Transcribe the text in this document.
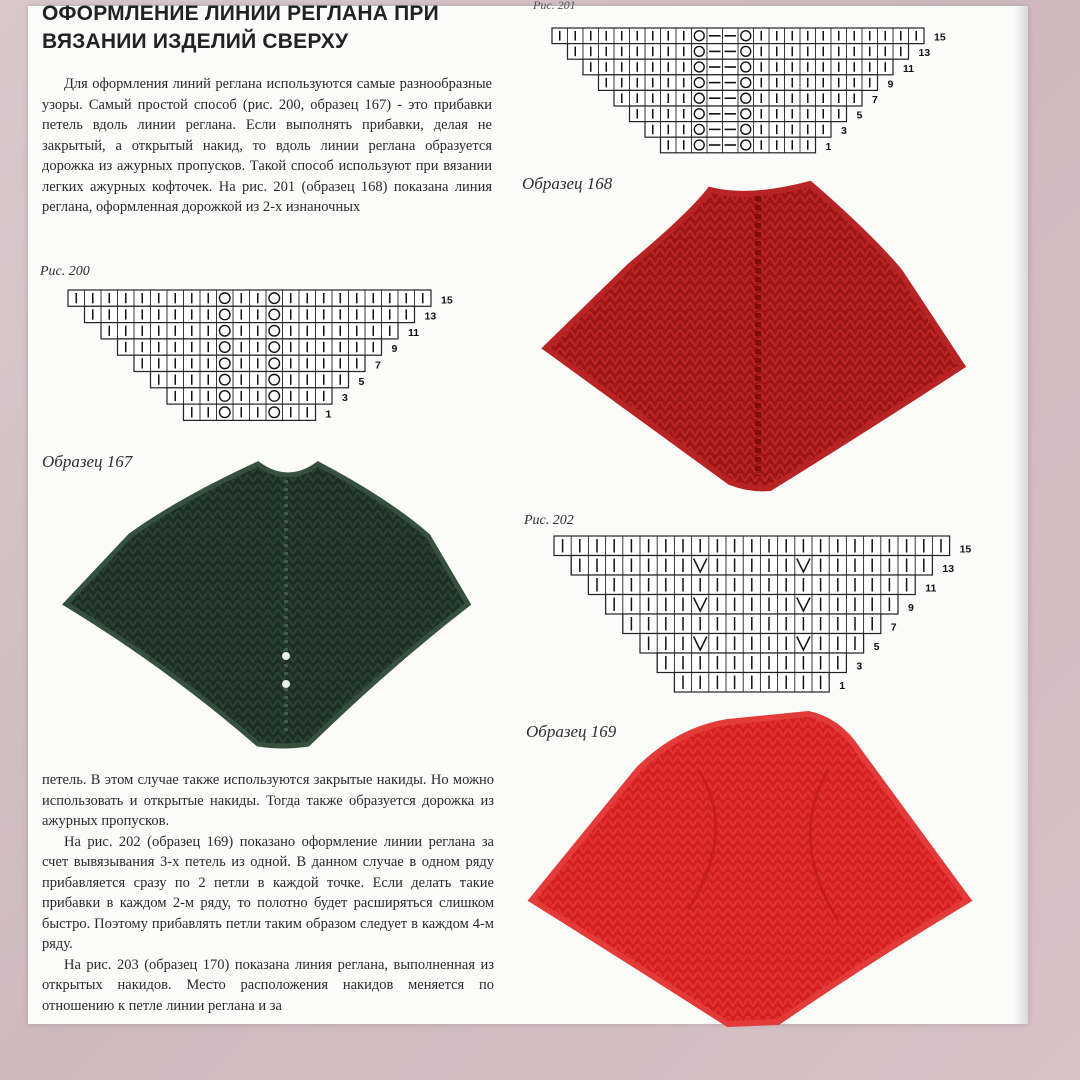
ОФОРМЛЕНИЕ ЛИНИИ РЕГЛАНА ПРИ
ВЯЗАНИИ ИЗДЕЛИЙ СВЕРХУ
Рис. 201

Для оформления линий реглана используются самые разнообразные узоры. Самый простой способ (рис. 200, образец 167) - это прибавки петель вдоль линии реглана. Если выполнять прибавки, делая не закрытый, а открытый накид, то вдоль линии реглана образуется дорожка из ажурных пропусков. Такой способ используют при вязании легких ажурных кофточек. На рис. 201 (образец 168) показана линия реглана, оформленная дорожкой из 2-х изнаночных

Рис. 200
15
13
11
9
7
5
3
1
Образец 167
15
13
11
9
7
5
3
1
Образец 168
Рис. 202
15
13
11
9
7
5
3
1
Образец 169

петель. В этом случае также используются закрытые накиды. Но можно использовать и открытые накиды. Тогда также образуется дорожка из ажурных пропусков.

На рис. 202 (образец 169) показано оформление линии реглана за счет вывязывания 3-х петель из одной. В данном случае в одном ряду прибавляется сразу по 2 петли в каждой точке. Если делать такие прибавки в каждом 2-м ряду, то полотно будет расширяться слишком быстро. Поэтому прибавлять петли таким образом следует в каждом 4-м ряду.

На рис. 203 (образец 170) показана линия реглана, выполненная из открытых накидов. Место расположения накидов меняется по отношению к петле линии реглана и за
